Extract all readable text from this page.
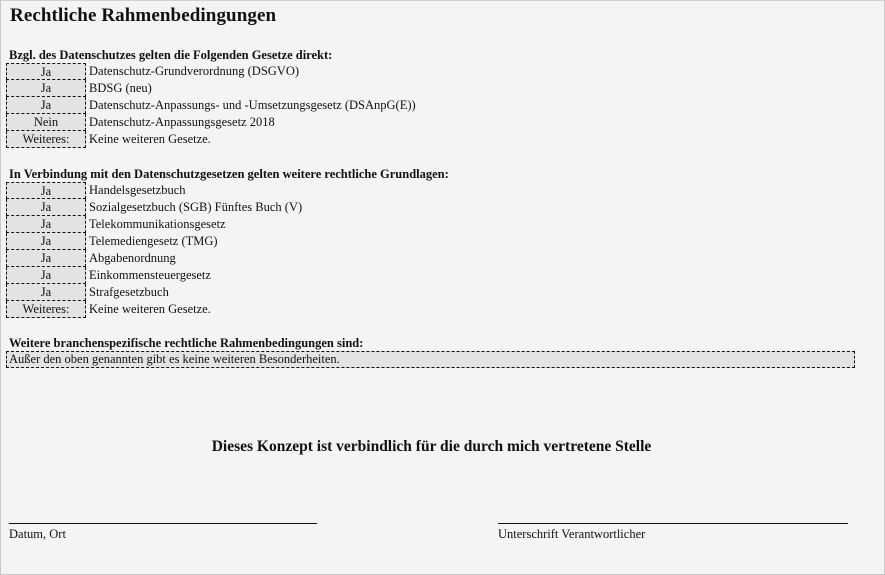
Rechtliche Rahmenbedingungen
Bzgl. des Datenschutzes gelten die Folgenden Gesetze direkt:
Ja	Datenschutz-Grundverordnung (DSGVO)
Ja	BDSG (neu)
Ja	Datenschutz-Anpassungs- und -Umsetzungsgesetz (DSAnpG(E))
Nein	Datenschutz-Anpassungsgesetz 2018
Weiteres:	Keine weiteren Gesetze.
In Verbindung mit den Datenschutzgesetzen gelten weitere rechtliche Grundlagen:
Ja	Handelsgesetzbuch
Ja	Sozialgesetzbuch (SGB) Fünftes Buch (V)
Ja	Telekommunikationsgesetz
Ja	Telemediengesetz (TMG)
Ja	Abgabenordnung
Ja	Einkommensteuergesetz
Ja	Strafgesetzbuch
Weiteres:	Keine weiteren Gesetze.
Weitere branchenspezifische rechtliche Rahmenbedingungen sind:
Außer den oben genannten gibt es keine weiteren Besonderheiten.
Dieses Konzept ist verbindlich für die durch mich vertretene Stelle
Datum, Ort	Unterschrift Verantwortlicher
